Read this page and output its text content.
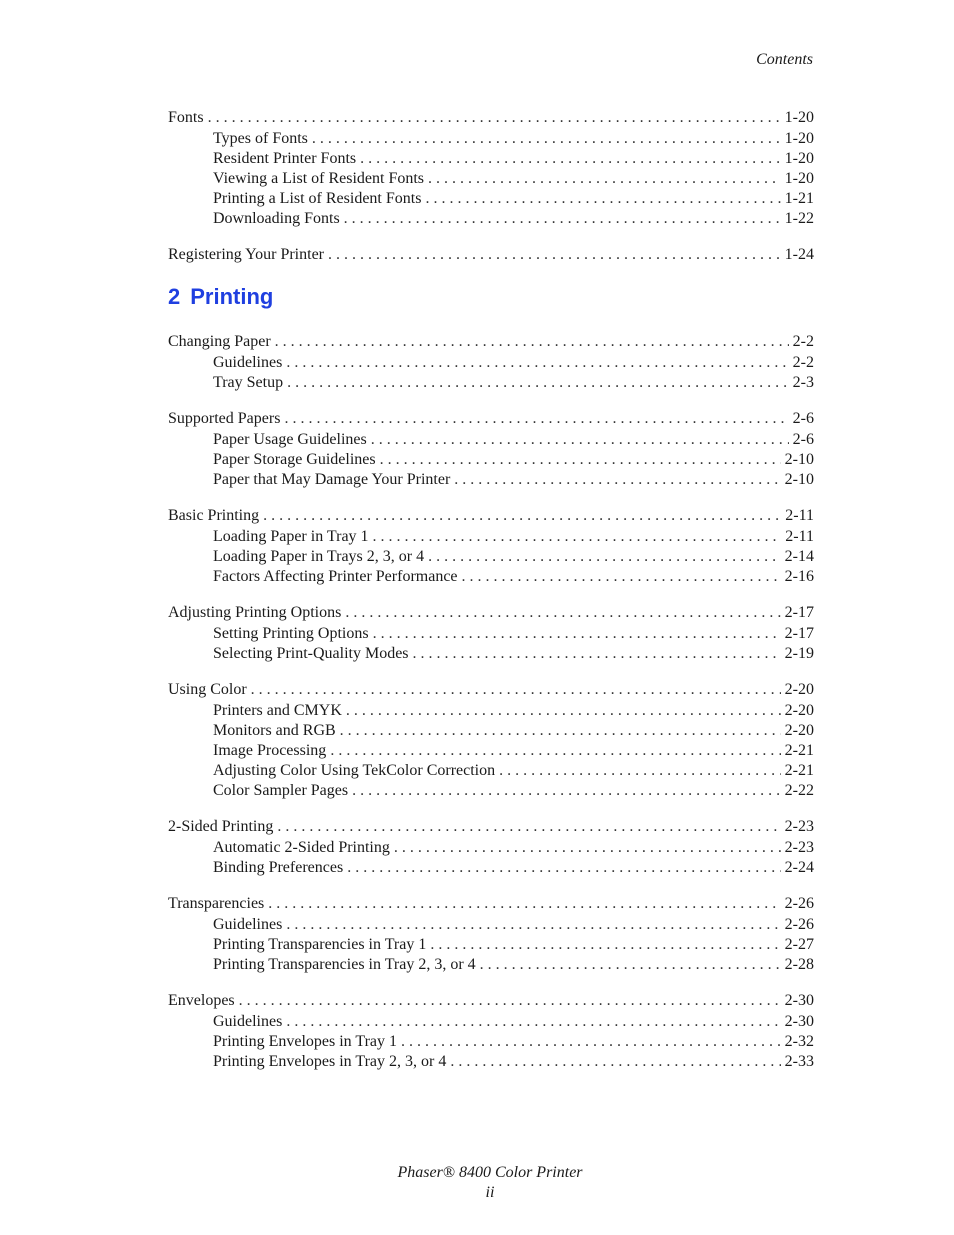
Contents
Fonts . . .	1-20
Types of Fonts . . .	1-20
Resident Printer Fonts . . .	1-20
Viewing a List of Resident Fonts . . .	1-20
Printing a List of Resident Fonts . . .	1-21
Downloading Fonts . . .	1-22
Registering Your Printer . . .	1-24
2 Printing
Changing Paper . . .	2-2
Guidelines . . .	2-2
Tray Setup . . .	2-3
Supported Papers . . .	2-6
Paper Usage Guidelines . . .	2-6
Paper Storage Guidelines . . .	2-10
Paper that May Damage Your Printer . . .	2-10
Basic Printing . . .	2-11
Loading Paper in Tray 1 . . .	2-11
Loading Paper in Trays 2, 3, or 4 . . .	2-14
Factors Affecting Printer Performance . . .	2-16
Adjusting Printing Options . . .	2-17
Setting Printing Options . . .	2-17
Selecting Print-Quality Modes . . .	2-19
Using Color . . .	2-20
Printers and CMYK . . .	2-20
Monitors and RGB . . .	2-20
Image Processing . . .	2-21
Adjusting Color Using TekColor Correction . . .	2-21
Color Sampler Pages . . .	2-22
2-Sided Printing . . .	2-23
Automatic 2-Sided Printing . . .	2-23
Binding Preferences . . .	2-24
Transparencies . . .	2-26
Guidelines . . .	2-26
Printing Transparencies in Tray 1 . . .	2-27
Printing Transparencies in Tray 2, 3, or 4 . . .	2-28
Envelopes . . .	2-30
Guidelines . . .	2-30
Printing Envelopes in Tray 1 . . .	2-32
Printing Envelopes in Tray 2, 3, or 4 . . .	2-33
Phaser® 8400 Color Printer
ii
